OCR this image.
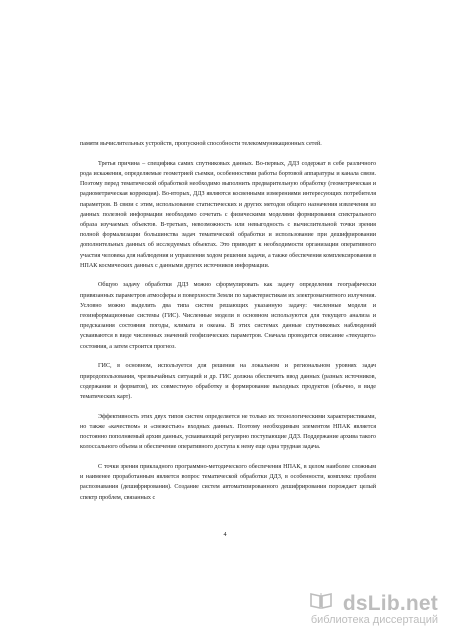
памяти вычислительных устройств, пропускной способности телекоммуникационных сетей.

Третья причина – специфика самих спутниковых данных. Во-первых, ДДЗ содержат в себе различного рода искажения, определяемые геометрией съемки, особенностями работы бортовой аппаратуры и канала связи. Поэтому перед тематической обработкой необходимо выполнить предварительную обработку (геометрическая и радиометрическая коррекция). Во-вторых, ДДЗ являются косвенными измерениями интересующих потребителя параметров. В связи с этим, использование статистических и других методов общего назначения извлечения из данных полезной информации необходимо сочетать с физическими моделями формирования спектрального образа изучаемых объектов. В-третьих, невозможность или невыгодность с вычислительной точки зрения полной формализации большинства задач тематической обработки и использование при дешифрировании дополнительных данных об исследуемых объектах. Это приводит к необходимости организации оперативного участия человека для наблюдения и управления ходом решения задачи, а также обеспечения комплексирования в НПАК космических данных с данными других источников информации.

Общую задачу обработки ДДЗ можно сформулировать как задачу определения географически привязанных параметров атмосферы и поверхности Земли по характеристикам их электромагнитного излучения. Условно можно выделить два типа систем решающих указанную задачу: численные модели и геоинформационные системы (ГИС). Численные модели в основном используются для текущего анализа и предсказания состояния погоды, климата и океана. В этих системах данные спутниковых наблюдений усваиваются в виде численных значений геофизических параметров. Сначала проводится описание «текущего» состояния, а затем строится прогноз.

ГИС, в основном, используется для решения на локальном и региональном уровнях задач природопользования, чрезвычайных ситуаций и др. ГИС должна обеспечить ввод данных (разных источников, содержания и форматов), их совместную обработку и формирование выходных продуктов (обычно, в виде тематических карт).

Эффективность этих двух типов систем определяется не только их технологическими характеристиками, но также «качеством» и «свежестью» входных данных. Поэтому необходимым элементом НПАК является постоянно пополняемый архив данных, усваивающий регулярно поступающие ДДЗ. Поддержание архива такого колоссального объема и обеспечение оперативного доступа к нему еще одна трудная задача.

С точки зрения прикладного программно-методического обеспечения НПАК, в целом наиболее сложным и наименее проработанным является вопрос тематической обработки ДДЗ, в особенности, комплекс проблем распознавания (дешифрирования). Создание систем автоматизированного дешифрирования порождает целый спектр проблем, связанных с

4
dsLib.net
библиотека диссертаций
